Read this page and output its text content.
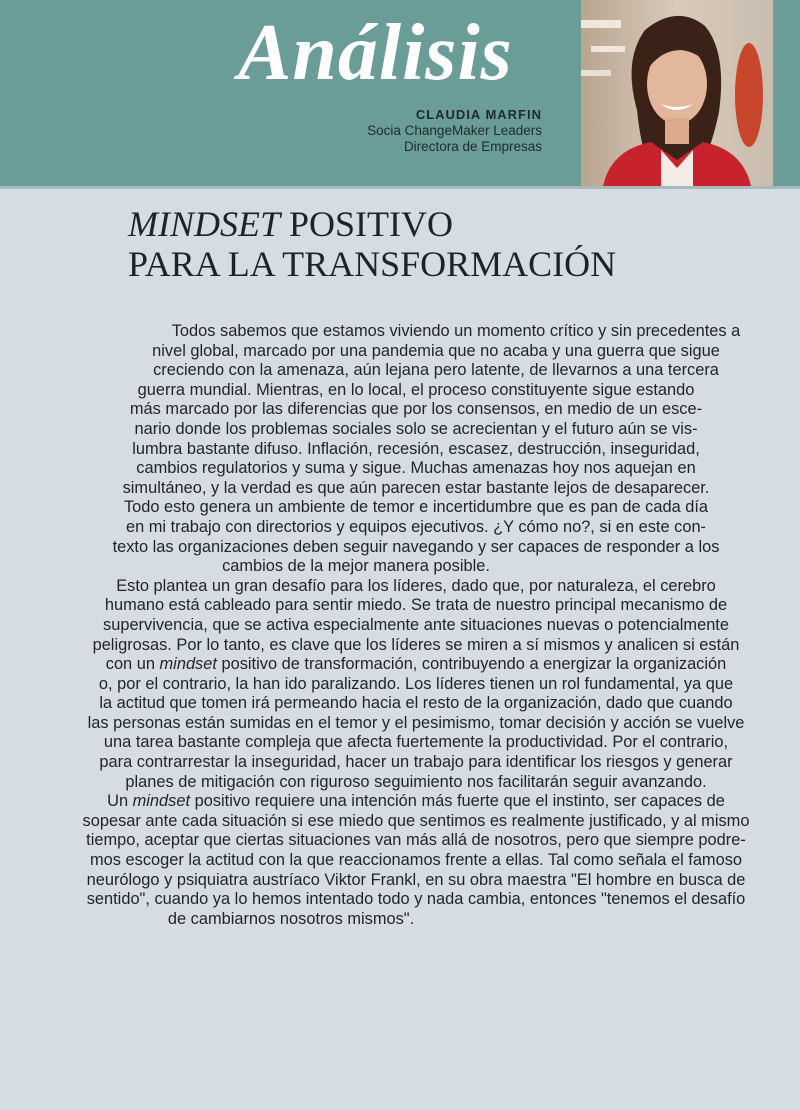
Análisis
CLAUDIA MARFIN
Socia ChangeMaker Leaders
Directora de Empresas
MINDSET POSITIVO
PARA LA TRANSFORMACIÓN
Todos sabemos que estamos viviendo un momento crítico y sin precedentes a
nivel global, marcado por una pandemia que no acaba y una guerra que sigue
creciendo con la amenaza, aún lejana pero latente, de llevarnos a una tercera
guerra mundial. Mientras, en lo local, el proceso constituyente sigue estando
más marcado por las diferencias que por los consensos, en medio de un esce-
nario donde los problemas sociales solo se acrecientan y el futuro aún se vis-
lumbra bastante difuso. Inflación, recesión, escasez, destrucción, inseguridad,
cambios regulatorios y suma y sigue. Muchas amenazas hoy nos aquejan en
simultáneo, y la verdad es que aún parecen estar bastante lejos de desaparecer.
Todo esto genera un ambiente de temor e incertidumbre que es pan de cada día
en mi trabajo con directorios y equipos ejecutivos. ¿Y cómo no?, si en este con-
texto las organizaciones deben seguir navegando y ser capaces de responder a los
cambios de la mejor manera posible.
Esto plantea un gran desafío para los líderes, dado que, por naturaleza, el cerebro
humano está cableado para sentir miedo. Se trata de nuestro principal mecanismo de
supervivencia, que se activa especialmente ante situaciones nuevas o potencialmente
peligrosas. Por lo tanto, es clave que los líderes se miren a sí mismos y analicen si están
con un mindset positivo de transformación, contribuyendo a energizar la organización
o, por el contrario, la han ido paralizando. Los líderes tienen un rol fundamental, ya que
la actitud que tomen irá permeando hacia el resto de la organización, dado que cuando
las personas están sumidas en el temor y el pesimismo, tomar decisión y acción se vuelve
una tarea bastante compleja que afecta fuertemente la productividad. Por el contrario,
para contrarrestar la inseguridad, hacer un trabajo para identificar los riesgos y generar
planes de mitigación con riguroso seguimiento nos facilitarán seguir avanzando.
Un mindset positivo requiere una intención más fuerte que el instinto, ser capaces de
sopesar ante cada situación si ese miedo que sentimos es realmente justificado, y al mismo
tiempo, aceptar que ciertas situaciones van más allá de nosotros, pero que siempre podre-
mos escoger la actitud con la que reaccionamos frente a ellas. Tal como señala el famoso
neurólogo y psiquiatra austríaco Viktor Frankl, en su obra maestra "El hombre en busca de
sentido", cuando ya lo hemos intentado todo y nada cambia, entonces "tenemos el desafío
de cambiarnos nosotros mismos".
